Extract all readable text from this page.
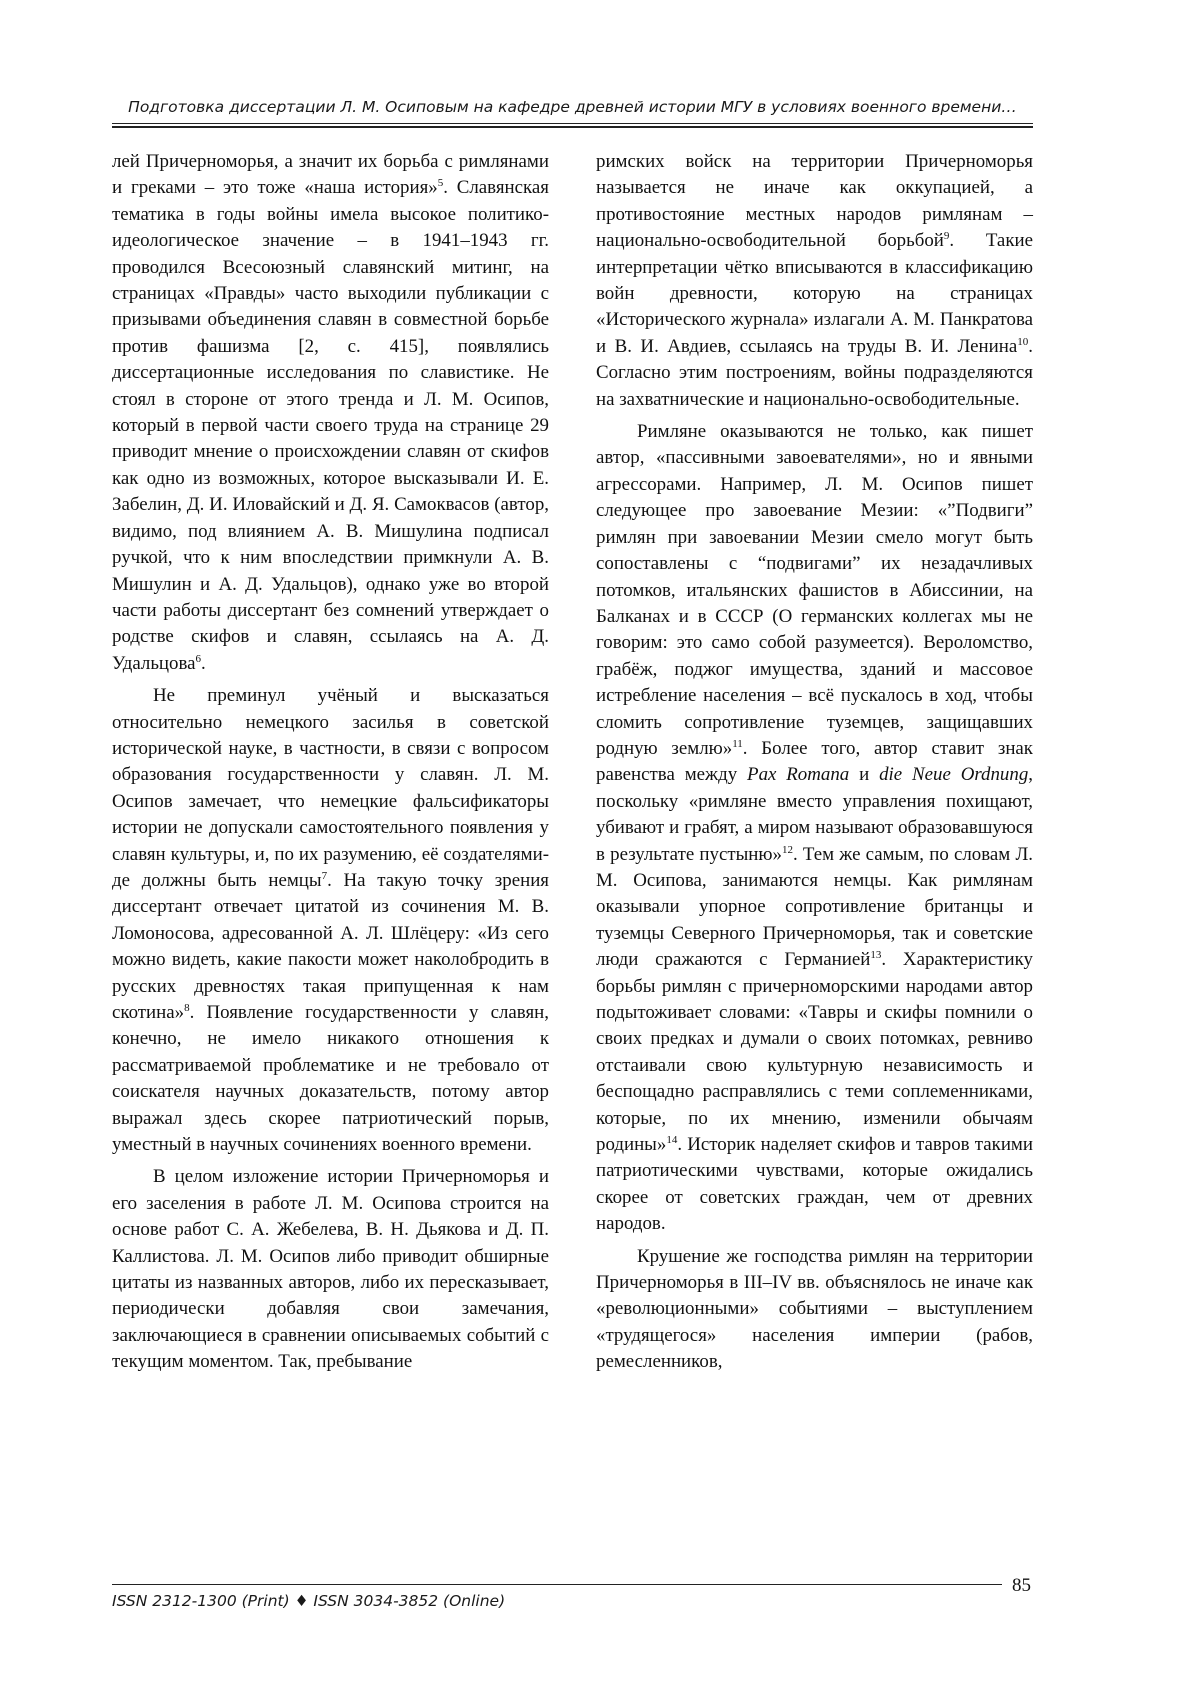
Подготовка диссертации Л. М. Осиповым на кафедре древней истории МГУ в условиях военного времени…

лей Причерноморья, а значит их борьба с римлянами и греками – это тоже «наша история»$^5$. Славянская тематика в годы войны имела высокое политико-идеологическое значение – в 1941–1943 гг. проводился Всесоюзный славянский митинг, на страницах «Правды» часто выходили публикации с призывами объединения славян в совместной борьбе против фашизма [2, с. 415], появлялись диссертационные исследования по славистике. Не стоял в стороне от этого тренда и Л. М. Осипов, который в первой части своего труда на странице 29 приводит мнение о происхождении славян от скифов как одно из возможных, которое высказывали И. Е. Забелин, Д. И. Иловайский и Д. Я. Самоквасов (автор, видимо, под влиянием А. В. Мишулина подписал ручкой, что к ним впоследствии примкнули А. В. Мишулин и А. Д. Удальцов), однако уже во второй части работы диссертант без сомнений утверждает о родстве скифов и славян, ссылаясь на А. Д. Удальцова$^6$.

Не преминул учёный и высказаться относительно немецкого засилья в советской исторической науке, в частности, в связи с вопросом образования государственности у славян. Л. М. Осипов замечает, что немецкие фальсификаторы истории не допускали самостоятельного появления у славян культуры, и, по их разумению, её создателями-де должны быть немцы$^7$. На такую точку зрения диссертант отвечает цитатой из сочинения М. В. Ломоносова, адресованной А. Л. Шлёцеру: «Из сего можно видеть, какие пакости может наколобродить в русских древностях такая припущенная к нам скотина»$^8$. Появление государственности у славян, конечно, не имело никакого отношения к рассматриваемой проблематике и не требовало от соискателя научных доказательств, потому автор выражал здесь скорее патриотический порыв, уместный в научных сочинениях военного времени.

В целом изложение истории Причерноморья и его заселения в работе Л. М. Осипова строится на основе работ С. А. Жебелева, В. Н. Дьякова и Д. П. Каллистова. Л. М. Осипов либо приводит обширные цитаты из названных авторов, либо их пересказывает, периодически добавляя свои замечания, заключающиеся в сравнении описываемых событий с текущим моментом. Так, пребывание

римских войск на территории Причерноморья называется не иначе как оккупацией, а противостояние местных народов римлянам – национально-освободительной борьбой$^9$. Такие интерпретации чётко вписываются в классификацию войн древности, которую на страницах «Исторического журнала» излагали А. М. Панкратова и В. И. Авдиев, ссылаясь на труды В. И. Ленина$^{10}$. Согласно этим построениям, войны подразделяются на захватнические и национально-освободительные.

Римляне оказываются не только, как пишет автор, «пассивными завоевателями», но и явными агрессорами. Например, Л. М. Осипов пишет следующее про завоевание Мезии: «”Подвиги” римлян при завоевании Мезии смело могут быть сопоставлены с “подвигами” их незадачливых потомков, итальянских фашистов в Абиссинии, на Балканах и в СССР (О германских коллегах мы не говорим: это само собой разумеется). Вероломство, грабёж, поджог имущества, зданий и массовое истребление населения – всё пускалось в ход, чтобы сломить сопротивление туземцев, защищавших родную землю»$^{11}$. Более того, автор ставит знак равенства между Pax Romana и die Neue Ordnung, поскольку «римляне вместо управления похищают, убивают и грабят, а миром называют образовавшуюся в результате пустыню»$^{12}$. Тем же самым, по словам Л. М. Осипова, занимаются немцы. Как римлянам оказывали упорное сопротивление британцы и туземцы Северного Причерноморья, так и советские люди сражаются с Германией$^{13}$. Характеристику борьбы римлян с причерноморскими народами автор подытоживает словами: «Тавры и скифы помнили о своих предках и думали о своих потомках, ревниво отстаивали свою культурную независимость и беспощадно расправлялись с теми соплеменниками, которые, по их мнению, изменили обычаям родины»$^{14}$. Историк наделяет скифов и тавров такими патриотическими чувствами, которые ожидались скорее от советских граждан, чем от древних народов.

Крушение же господства римлян на территории Причерноморья в III–IV вв. объяснялось не иначе как «революционными» событиями – выступлением «трудящегося» населения империи (рабов, ремесленников,

ISSN 2312-1300 (Print) ♦ ISSN 3034-3852 (Online)
85
